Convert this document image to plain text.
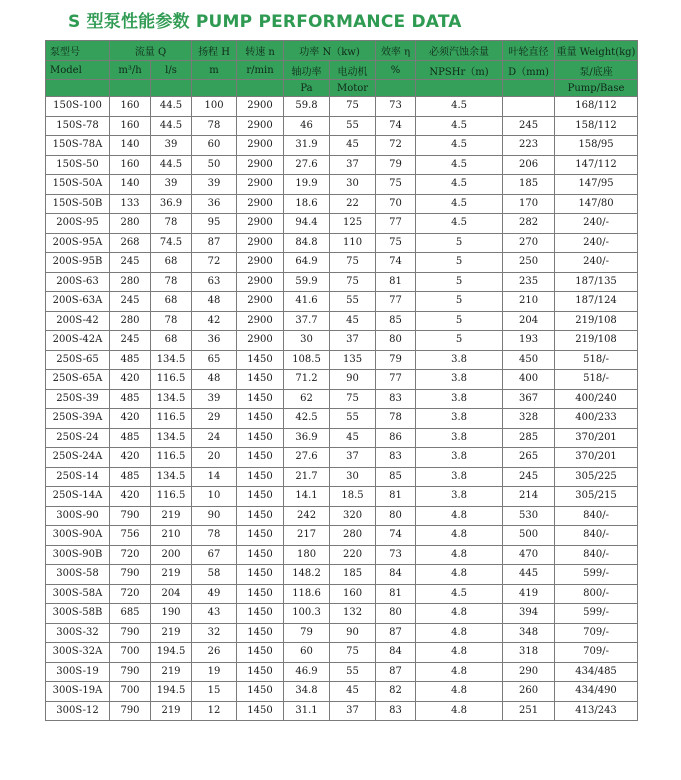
S 型泵性能参数 PUMP PERFORMANCE DATA
泵型号	流量 Q		扬程 H	转速 n	功率 N（kw)		效率 η	必须汽蚀余量	叶轮直径	重量 Weight(kg)
Model	m³/h	l/s	m	r/min	轴功率	电动机	%	NPSHr（m)	D（mm)	泵/底座
					Pa	Motor				Pump/Base
150S-100	160	44.5	100	2900	59.8	75	73	4.5		168/112
150S-78	160	44.5	78	2900	46	55	74	4.5	245	158/112
150S-78A	140	39	60	2900	31.9	45	72	4.5	223	158/95
150S-50	160	44.5	50	2900	27.6	37	79	4.5	206	147/112
150S-50A	140	39	39	2900	19.9	30	75	4.5	185	147/95
150S-50B	133	36.9	36	2900	18.6	22	70	4.5	170	147/80
200S-95	280	78	95	2900	94.4	125	77	4.5	282	240/-
200S-95A	268	74.5	87	2900	84.8	110	75	5	270	240/-
200S-95B	245	68	72	2900	64.9	75	74	5	250	240/-
200S-63	280	78	63	2900	59.9	75	81	5	235	187/135
200S-63A	245	68	48	2900	41.6	55	77	5	210	187/124
200S-42	280	78	42	2900	37.7	45	85	5	204	219/108
200S-42A	245	68	36	2900	30	37	80	5	193	219/108
250S-65	485	134.5	65	1450	108.5	135	79	3.8	450	518/-
250S-65A	420	116.5	48	1450	71.2	90	77	3.8	400	518/-
250S-39	485	134.5	39	1450	62	75	83	3.8	367	400/240
250S-39A	420	116.5	29	1450	42.5	55	78	3.8	328	400/233
250S-24	485	134.5	24	1450	36.9	45	86	3.8	285	370/201
250S-24A	420	116.5	20	1450	27.6	37	83	3.8	265	370/201
250S-14	485	134.5	14	1450	21.7	30	85	3.8	245	305/225
250S-14A	420	116.5	10	1450	14.1	18.5	81	3.8	214	305/215
300S-90	790	219	90	1450	242	320	80	4.8	530	840/-
300S-90A	756	210	78	1450	217	280	74	4.8	500	840/-
300S-90B	720	200	67	1450	180	220	73	4.8	470	840/-
300S-58	790	219	58	1450	148.2	185	84	4.8	445	599/-
300S-58A	720	204	49	1450	118.6	160	81	4.5	419	800/-
300S-58B	685	190	43	1450	100.3	132	80	4.8	394	599/-
300S-32	790	219	32	1450	79	90	87	4.8	348	709/-
300S-32A	700	194.5	26	1450	60	75	84	4.8	318	709/-
300S-19	790	219	19	1450	46.9	55	87	4.8	290	434/485
300S-19A	700	194.5	15	1450	34.8	45	82	4.8	260	434/490
300S-12	790	219	12	1450	31.1	37	83	4.8	251	413/243
